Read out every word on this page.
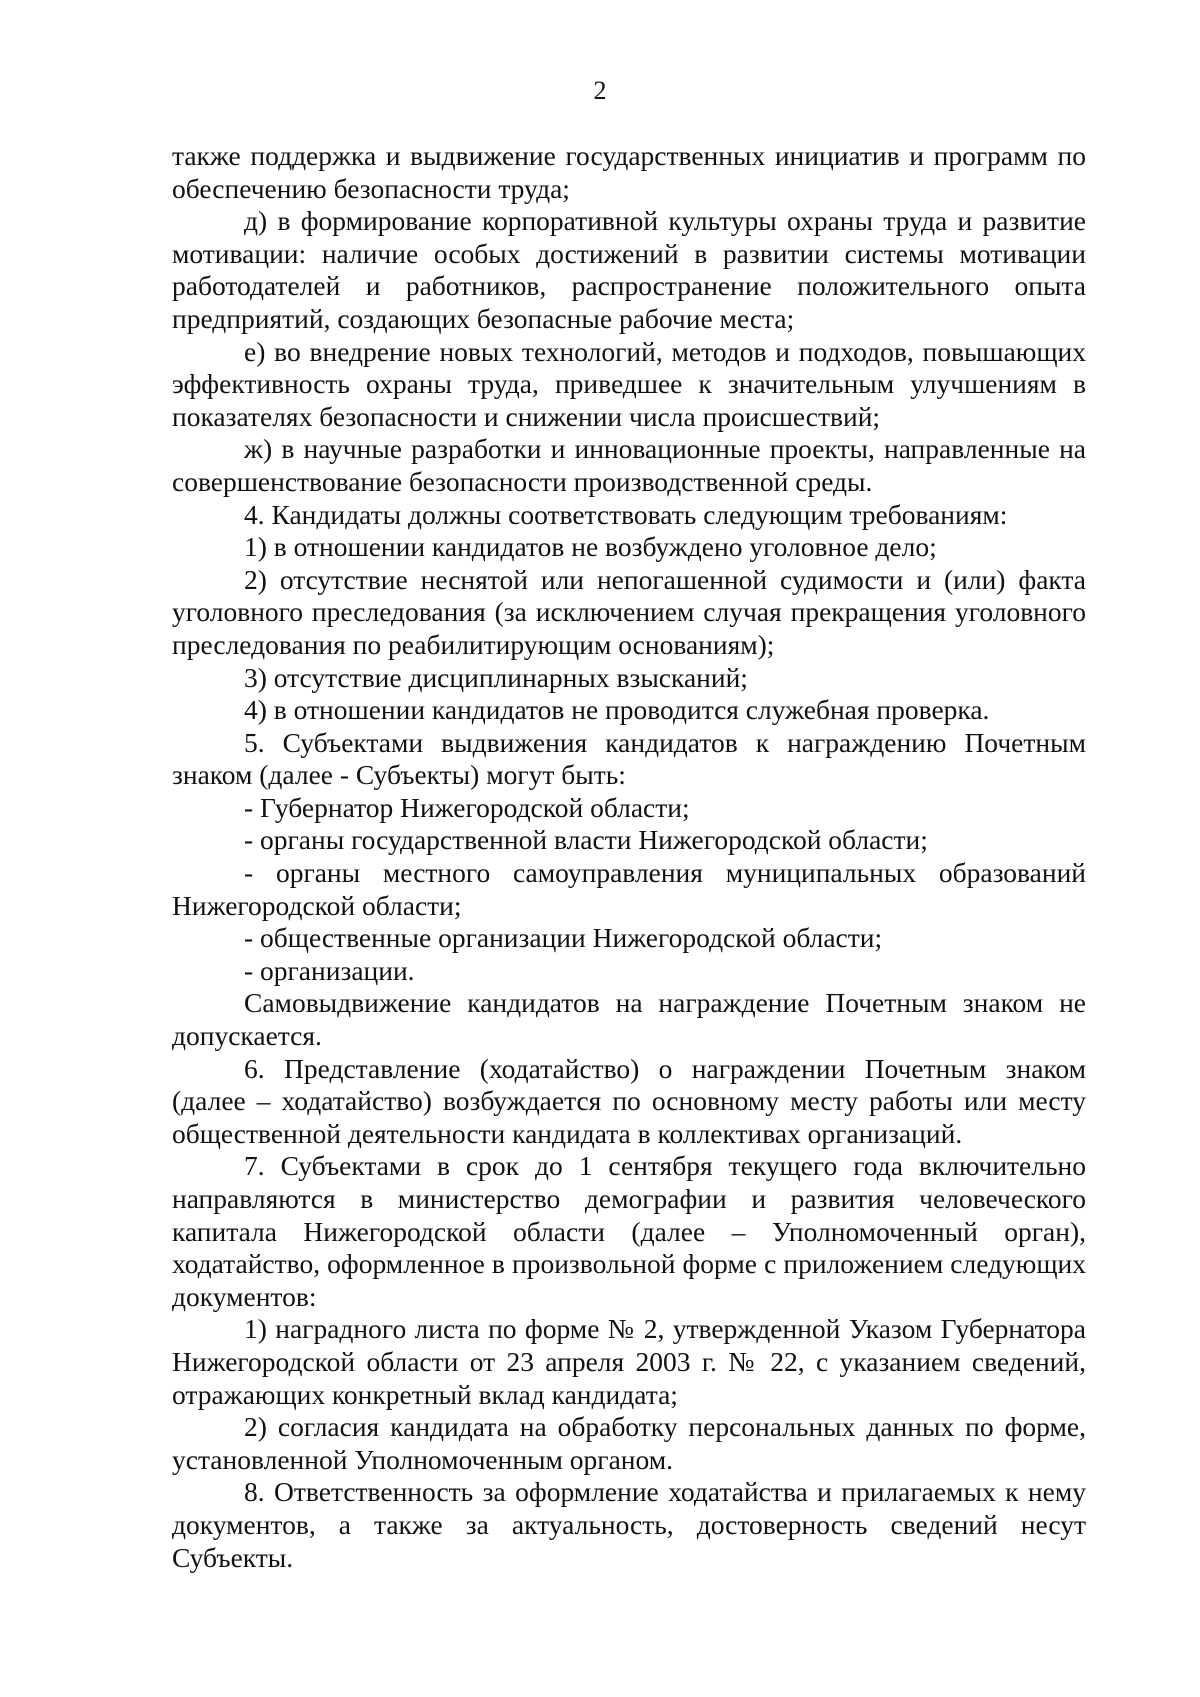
2

также поддержка и выдвижение государственных инициатив и программ по обеспечению безопасности труда;

д) в формирование корпоративной культуры охраны труда и развитие мотивации: наличие особых достижений в развитии системы мотивации работодателей и работников, распространение положительного опыта предприятий, создающих безопасные рабочие места;

е) во внедрение новых технологий, методов и подходов, повышающих эффективность охраны труда, приведшее к значительным улучшениям в показателях безопасности и снижении числа происшествий;

ж) в научные разработки и инновационные проекты, направленные на совершенствование безопасности производственной среды.

4. Кандидаты должны соответствовать следующим требованиям:

1) в отношении кандидатов не возбуждено уголовное дело;

2) отсутствие неснятой или непогашенной судимости и (или) факта уголовного преследования (за исключением случая прекращения уголовного преследования по реабилитирующим основаниям);

3) отсутствие дисциплинарных взысканий;

4) в отношении кандидатов не проводится служебная проверка.

5. Субъектами выдвижения кандидатов к награждению Почетным знаком (далее - Субъекты) могут быть:

- Губернатор Нижегородской области;

- органы государственной власти Нижегородской области;

- органы местного самоуправления муниципальных образований Нижегородской области;

- общественные организации Нижегородской области;

- организации.

Самовыдвижение кандидатов на награждение Почетным знаком не допускается.

6. Представление (ходатайство) о награждении Почетным знаком (далее – ходатайство) возбуждается по основному месту работы или месту общественной деятельности кандидата в коллективах организаций.

7. Субъектами в срок до 1 сентября текущего года включительно направляются в министерство демографии и развития человеческого капитала Нижегородской области (далее – Уполномоченный орган), ходатайство, оформленное в произвольной форме с приложением следующих документов:

1) наградного листа по форме № 2, утвержденной Указом Губернатора Нижегородской области от 23 апреля 2003 г. № 22, с указанием сведений, отражающих конкретный вклад кандидата;

2) согласия кандидата на обработку персональных данных по форме, установленной Уполномоченным органом.

8. Ответственность за оформление ходатайства и прилагаемых к нему документов, а также за актуальность, достоверность сведений несут Субъекты.
